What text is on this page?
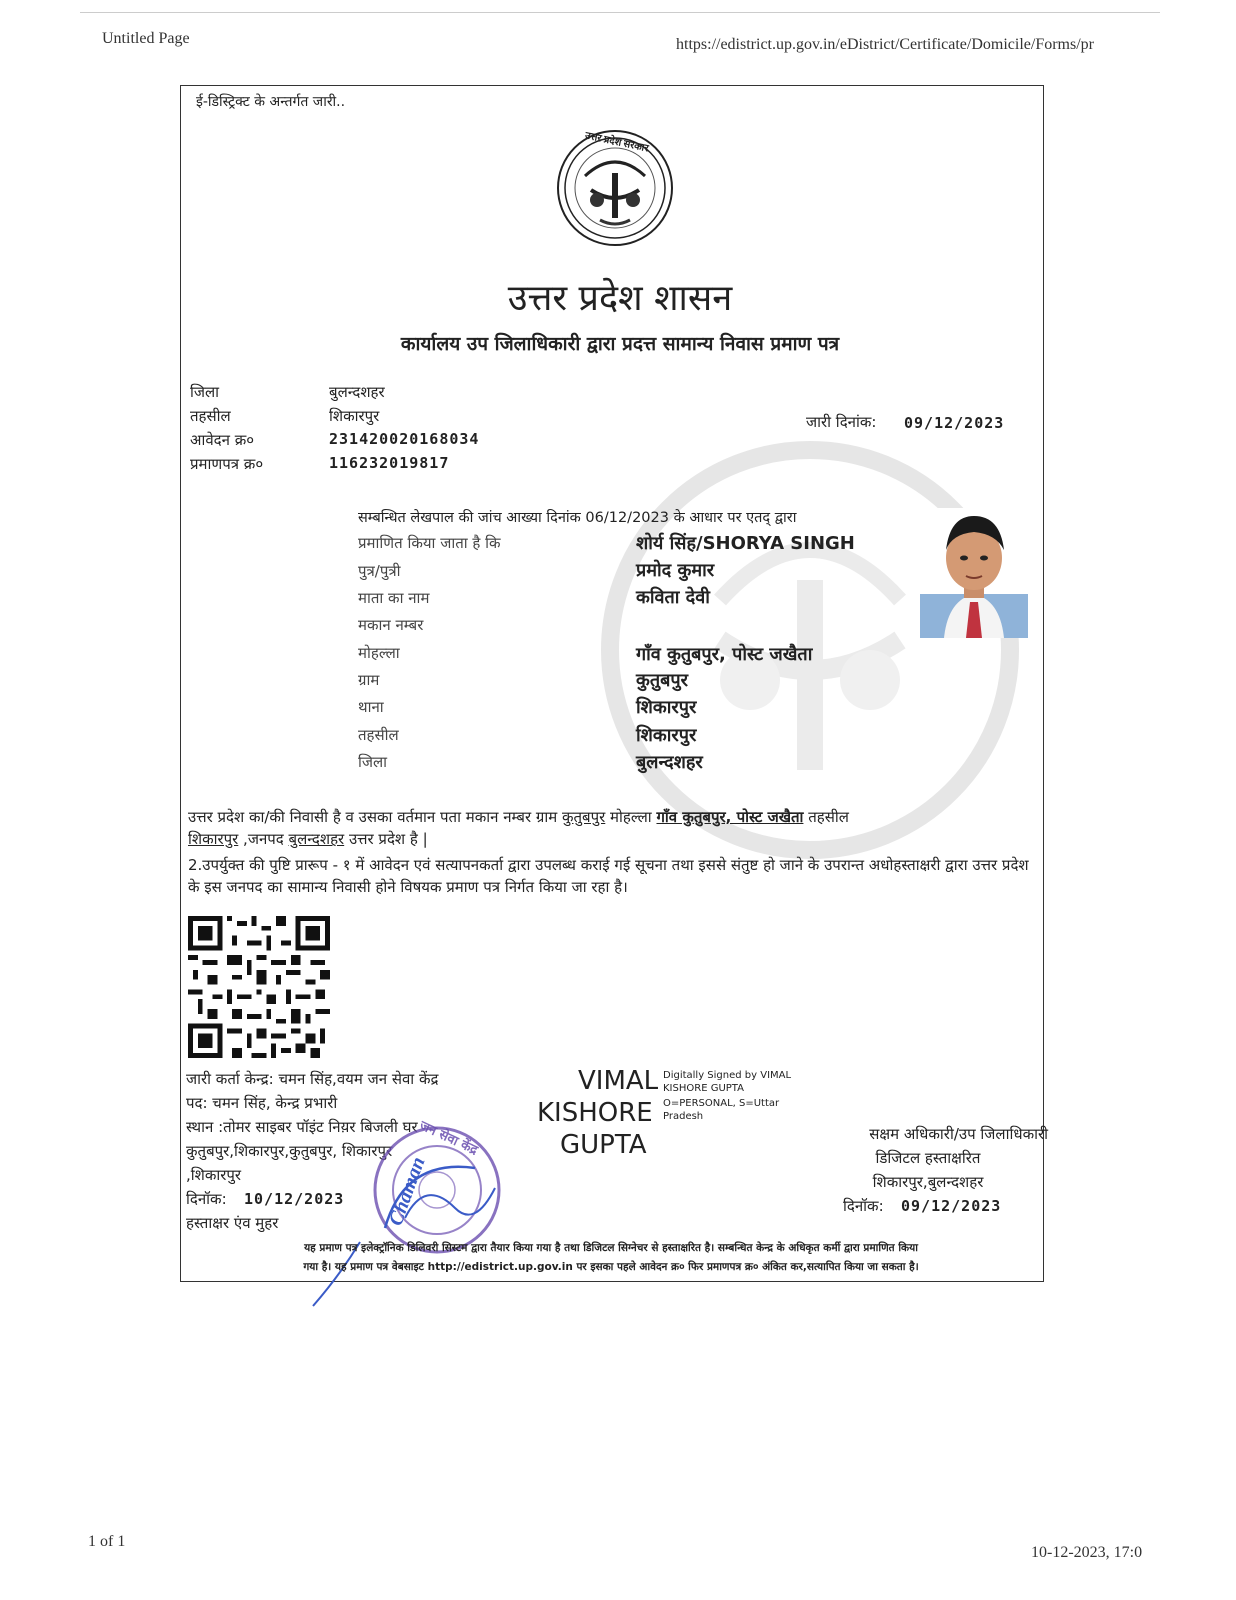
Untitled Page	https://edistrict.up.gov.in/eDistrict/Certificate/Domicile/Forms/pr
ई-डिस्ट्रिक्ट के अन्तर्गत जारी..
उत्तर प्रदेश सरकार
उत्तर प्रदेश शासन
कार्यालय उप जिलाधिकारी द्वारा प्रदत्त सामान्य निवास प्रमाण पत्र
जिला	बुलन्दशहर
तहसील	शिकारपुर
आवेदन क्र०	231420020168034
प्रमाणपत्र क्र०	116232019817
जारी दिनांक: 09/12/2023
सम्बन्धित लेखपाल की जांच आख्या दिनांक 06/12/2023 के आधार पर एतद् द्वारा
प्रमाणित किया जाता है कि	शोर्य सिंह/SHORYA SINGH
पुत्र/पुत्री	प्रमोद कुमार
माता का नाम	कविता देवी
मकान नम्बर
मोहल्ला	गाँव कुतुबपुर, पोस्ट जखैता
ग्राम	कुतुबपुर
थाना	शिकारपुर
तहसील	शिकारपुर
जिला	बुलन्दशहर
उत्तर प्रदेश का/की निवासी है व उसका वर्तमान पता मकान नम्बर ग्राम कुतुबपुर मोहल्ला गाँव कुतुबपुर, पोस्ट जखैता तहसील
शिकारपुर ,जनपद बुलन्दशहर उत्तर प्रदेश है |
2.उपर्युक्त की पुष्टि प्रारूप - १ में आवेदन एवं सत्यापनकर्ता द्वारा उपलब्ध कराई गई सूचना तथा इससे संतुष्ट हो जाने के उपरान्त अधोहस्ताक्षरी द्वारा उत्तर प्रदेश के इस जनपद का सामान्य निवासी होने विषयक प्रमाण पत्र निर्गत किया जा रहा है।
जारी कर्ता केन्द्र: चमन सिंह,वयम जन सेवा केंद्र
पद: चमन सिंह, केन्द्र प्रभारी
स्थान :तोमर साइबर पॉइंट निय़र बिजली घर
कुतुबपुर,शिकारपुर,कुतुबपुर, शिकारपुर
,शिकारपुर
दिनॉक: 10/12/2023
हस्ताक्षर एंव मुहर
जन सेवा केंद्र
Chaman
VIMAL
KISHORE
GUPTA
Digitally Signed by VIMAL
KISHORE GUPTA
O=PERSONAL, S=Uttar
Pradesh
सक्षम अधिकारी/उप जिलाधिकारी
डिजिटल हस्ताक्षरित
शिकारपुर,बुलन्दशहर
दिनॉक: 09/12/2023
यह प्रमाण पत्र इलेक्ट्रॉनिक डिलिवरी सिस्टम द्वारा तैयार किया गया है तथा डिजिटल सिग्नेचर से हस्ताक्षरित है। सम्बन्धित केन्द्र के अधिकृत कर्मी द्वारा प्रमाणित किया
गया है। यह प्रमाण पत्र वेबसाइट http://edistrict.up.gov.in पर इसका पहले आवेदन क्र० फिर प्रमाणपत्र क्र० अंकित कर,सत्यापित किया जा सकता है।
1 of 1
10-12-2023, 17:0
